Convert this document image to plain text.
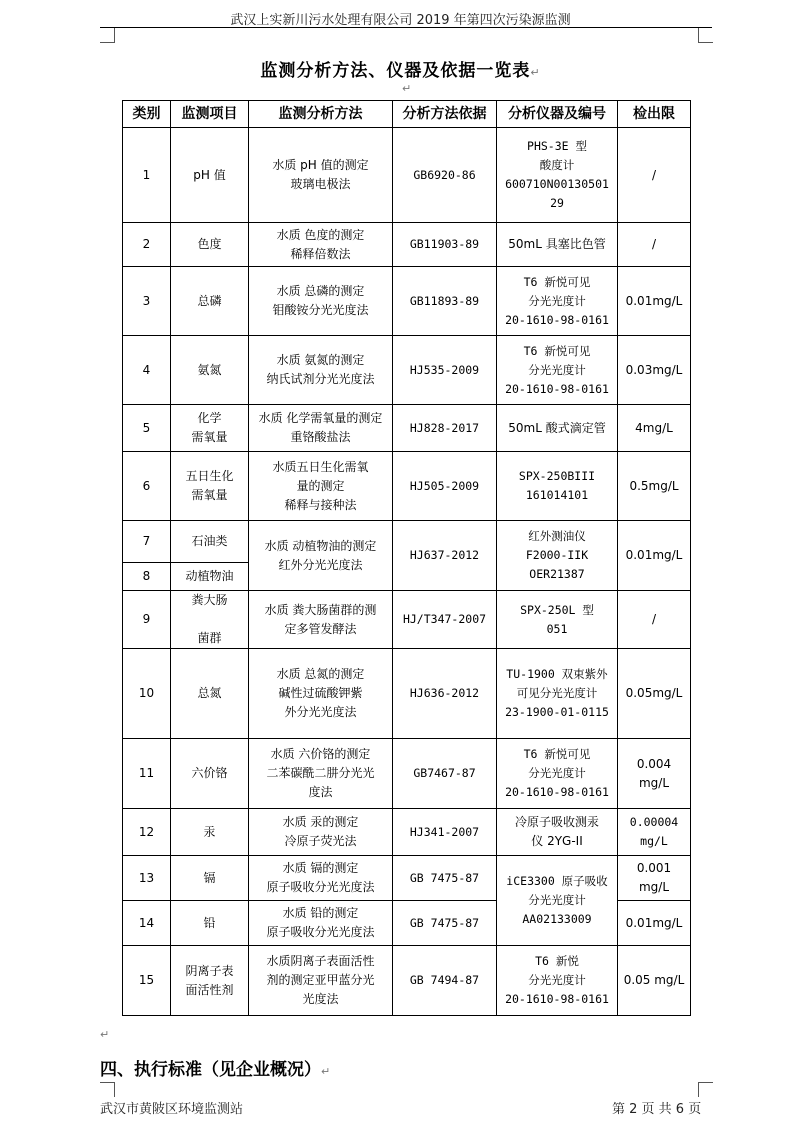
武汉上实新川污水处理有限公司 2019 年第四次污染源监测
监测分析方法、仪器及依据一览表↵
↵
类别	监测项目	监测分析方法	分析方法依据	分析仪器及编号	检出限
1	pH 值	水质 pH 值的测定
玻璃电极法	GB6920-86	PHS-3E 型
酸度计
600710N00130501
29	/
2	色度	水质 色度的测定
稀释倍数法	GB11903-89	50mL 具塞比色管	/
3	总磷	水质 总磷的测定
钼酸铵分光光度法	GB11893-89	T6 新悦可见
分光光度计
20-1610-98-0161	0.01mg/L
4	氨氮	水质 氨氮的测定
纳氏试剂分光光度法	HJ535-2009	T6 新悦可见
分光光度计
20-1610-98-0161	0.03mg/L
5	化学
需氧量	水质 化学需氧量的测定
重铬酸盐法	HJ828-2017	50mL 酸式滴定管	4mg/L
6	五日生化
需氧量	水质五日生化需氧
量的测定
稀释与接种法	HJ505-2009	SPX-250BIII
161014101	0.5mg/L
7	石油类	水质 动植物油的测定
红外分光光度法	HJ637-2012	红外测油仪
F2000-IIK
OER21387	0.01mg/L
8	动植物油				
9	粪大肠

菌群	水质 粪大肠菌群的测
定多管发酵法	HJ/T347-2007	SPX-250L 型
051	/
10	总氮	水质 总氮的测定
碱性过硫酸钾紫
外分光光度法	HJ636-2012	TU-1900 双束紫外
可见分光光度计
23-1900-01-0115	0.05mg/L
11	六价铬	水质 六价铬的测定
二苯碳酰二肼分光光
度法	GB7467-87	T6 新悦可见
分光光度计
20-1610-98-0161	0.004 mg/L
12	汞	水质 汞的测定
冷原子荧光法	HJ341-2007	冷原子吸收测汞
仪 2YG-II	0.00004
mg/L
13	镉	水质 镉的测定
原子吸收分光光度法	GB 7475-87	iCE3300 原子吸收
分光光度计
AA02133009	0.001 mg/L
14	铅	水质 铅的测定
原子吸收分光光度法	GB 7475-87		0.01mg/L
15	阴离子表
面活性剂	水质阴离子表面活性
剂的测定亚甲蓝分光
光度法	GB 7494-87	T6 新悦
分光光度计
20-1610-98-0161	0.05 mg/L
↵
四、执行标准（见企业概况）↵
武汉市黄陂区环境监测站	第 2 页 共 6 页
